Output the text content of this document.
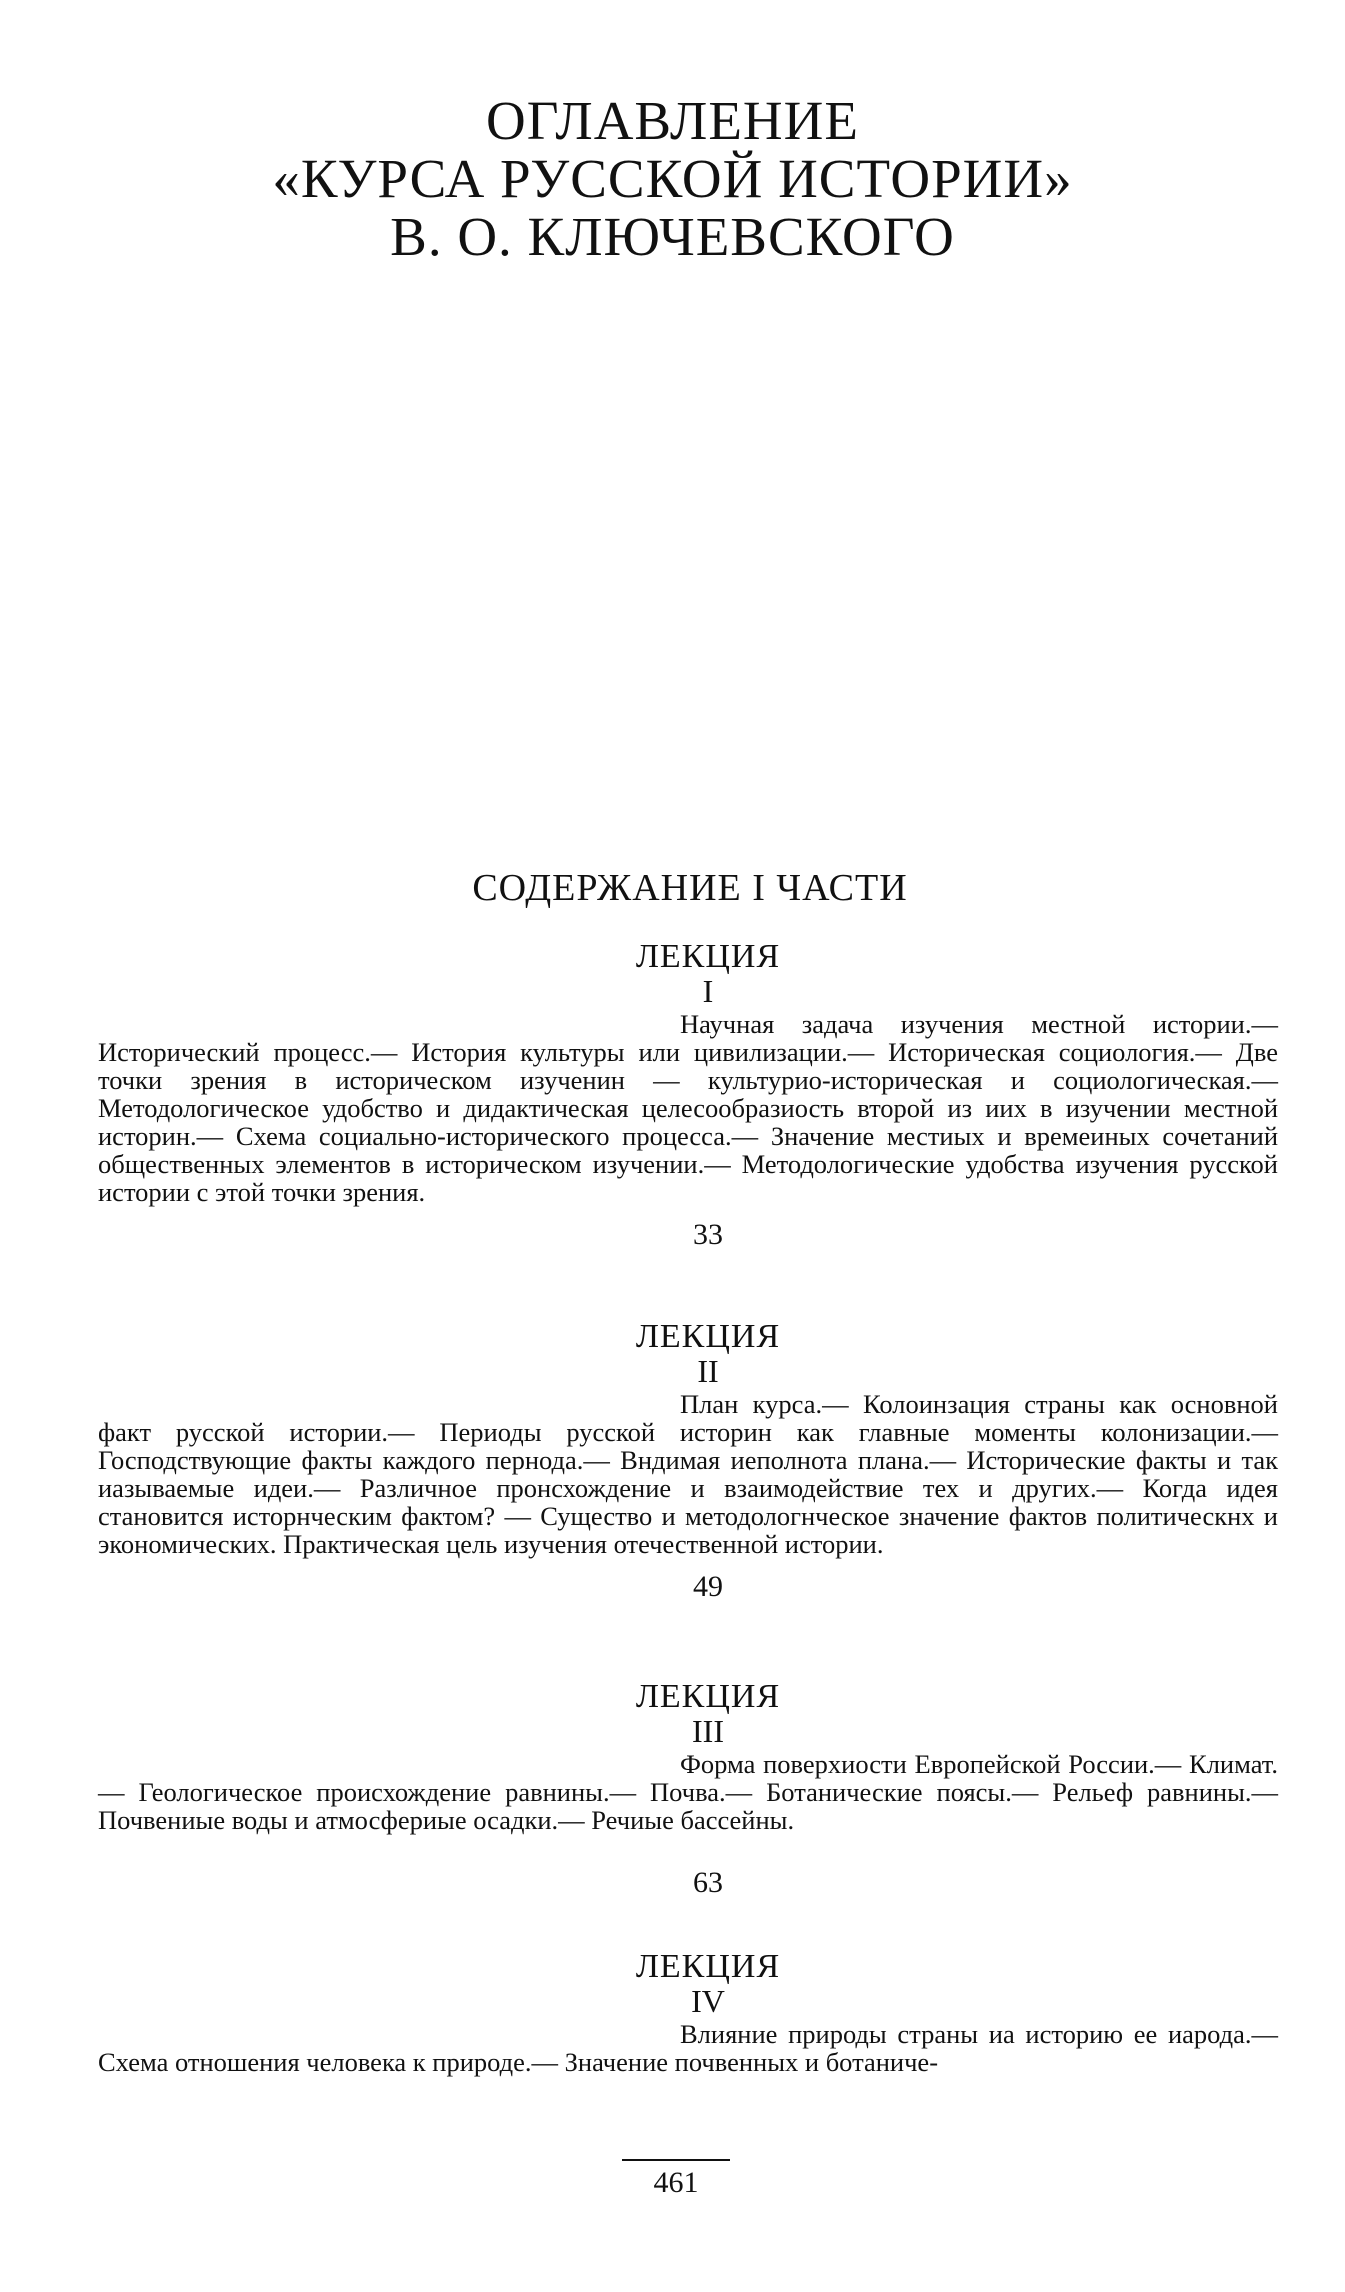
ОГЛАВЛЕНИЕ
«КУРСА РУССКОЙ ИСТОРИИ»
В. О. КЛЮЧЕВСКОГО
СОДЕРЖАНИЕ I ЧАСТИ
ЛЕКЦИЯ
I
Научная задача изучения местной истории.— Исторический процесс.— История культуры или цивилизации.— Историческая социология.— Две точки зрения в историческом изученин — культурио-историческая и социологическая.— Методологическое удобство и дидактическая целесообразиость второй из иих в изучении местной историн.— Схема социально-исторического процесса.— Значение местиых и времеиных сочетаний общественных элементов в историческом изучении.— Методологические удобства изучения русской истории с этой точки зрения.
33
ЛЕКЦИЯ
II
План курса.— Колоинзация страны как основной факт русской истории.— Периоды русской историн как главные моменты колонизации.— Господствующие факты каждого пернода.— Вндимая иеполнота плана.— Исторические факты и так иазываемые идеи.— Различное пронсхождение и взаимодействие тех и других.— Когда идея становится исторнческим фактом? — Существо и методологнческое значение фактов политическнх и экономических. Практическая цель изучения отечественной истории.
49
ЛЕКЦИЯ
III
Форма поверхиости Европейской России.— Климат.— Геологическое происхождение равнины.— Почва.— Ботанические поясы.— Рельеф равнины.— Почвениые воды и атмосфериые осадки.— Речиые бассейны.
63
ЛЕКЦИЯ
IV
Влияние природы страны иа историю ее иарода.— Схема отношения человека к природе.— Значение почвенных и ботаниче-
461
